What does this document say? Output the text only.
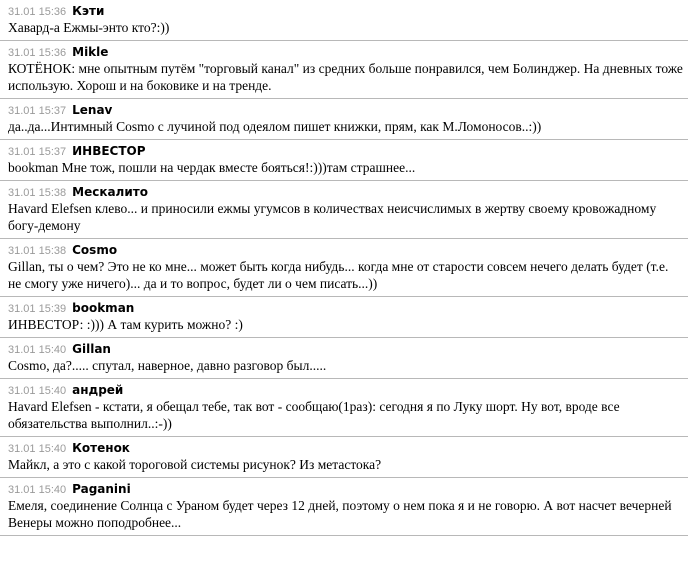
31.01 15:36 Кэти
Хавард-а Ежмы-энто кто?:))
31.01 15:36 Mikle
КОТЁНОК: мне опытным путём "торговый канал" из средних больше понравился, чем Болинджер. На дневных тоже использую. Хорош и на боковике и на тренде.
31.01 15:37 Lenav
да..да...Интимный Cosmo с лучиной под одеялом пишет книжки, прям, как М.Ломоносов..:))
31.01 15:37 ИНВЕСТОР
bookman Мне тож, пошли на чердак вместе бояться!:)))там страшнее...
31.01 15:38 Мескалито
Havard Elefsen клево... и приносили ежмы угумсов в количествах неисчислимых в жертву своему кровожадному богу-демону
31.01 15:38 Cosmo
Gillan, ты о чем? Это не ко мне... может быть когда нибудь... когда мне от старости совсем нечего делать будет (т.е. не смогу уже ничего)... да и то вопрос, будет ли о чем писать...))
31.01 15:39 bookman
ИНВЕСТОР: :))) А там курить можно? :)
31.01 15:40 Gillan
Cosmo, да?..... спутал, наверное, давно разговор был.....
31.01 15:40 андрей
Havard Elefsen - кстати, я обещал тебе, так вот - сообщаю(1раз): сегодня я по Луку шорт. Ну вот, вроде все обязательства выполнил..:-))
31.01 15:40 Котенок
Майкл, а это с какой тороговой системы рисунок? Из метастока?
31.01 15:40 Paganini
Емеля, соединение Солнца с Ураном будет через 12 дней, поэтому о нем пока я и не говорю. А вот насчет вечерней Венеры можно поподробнее...
